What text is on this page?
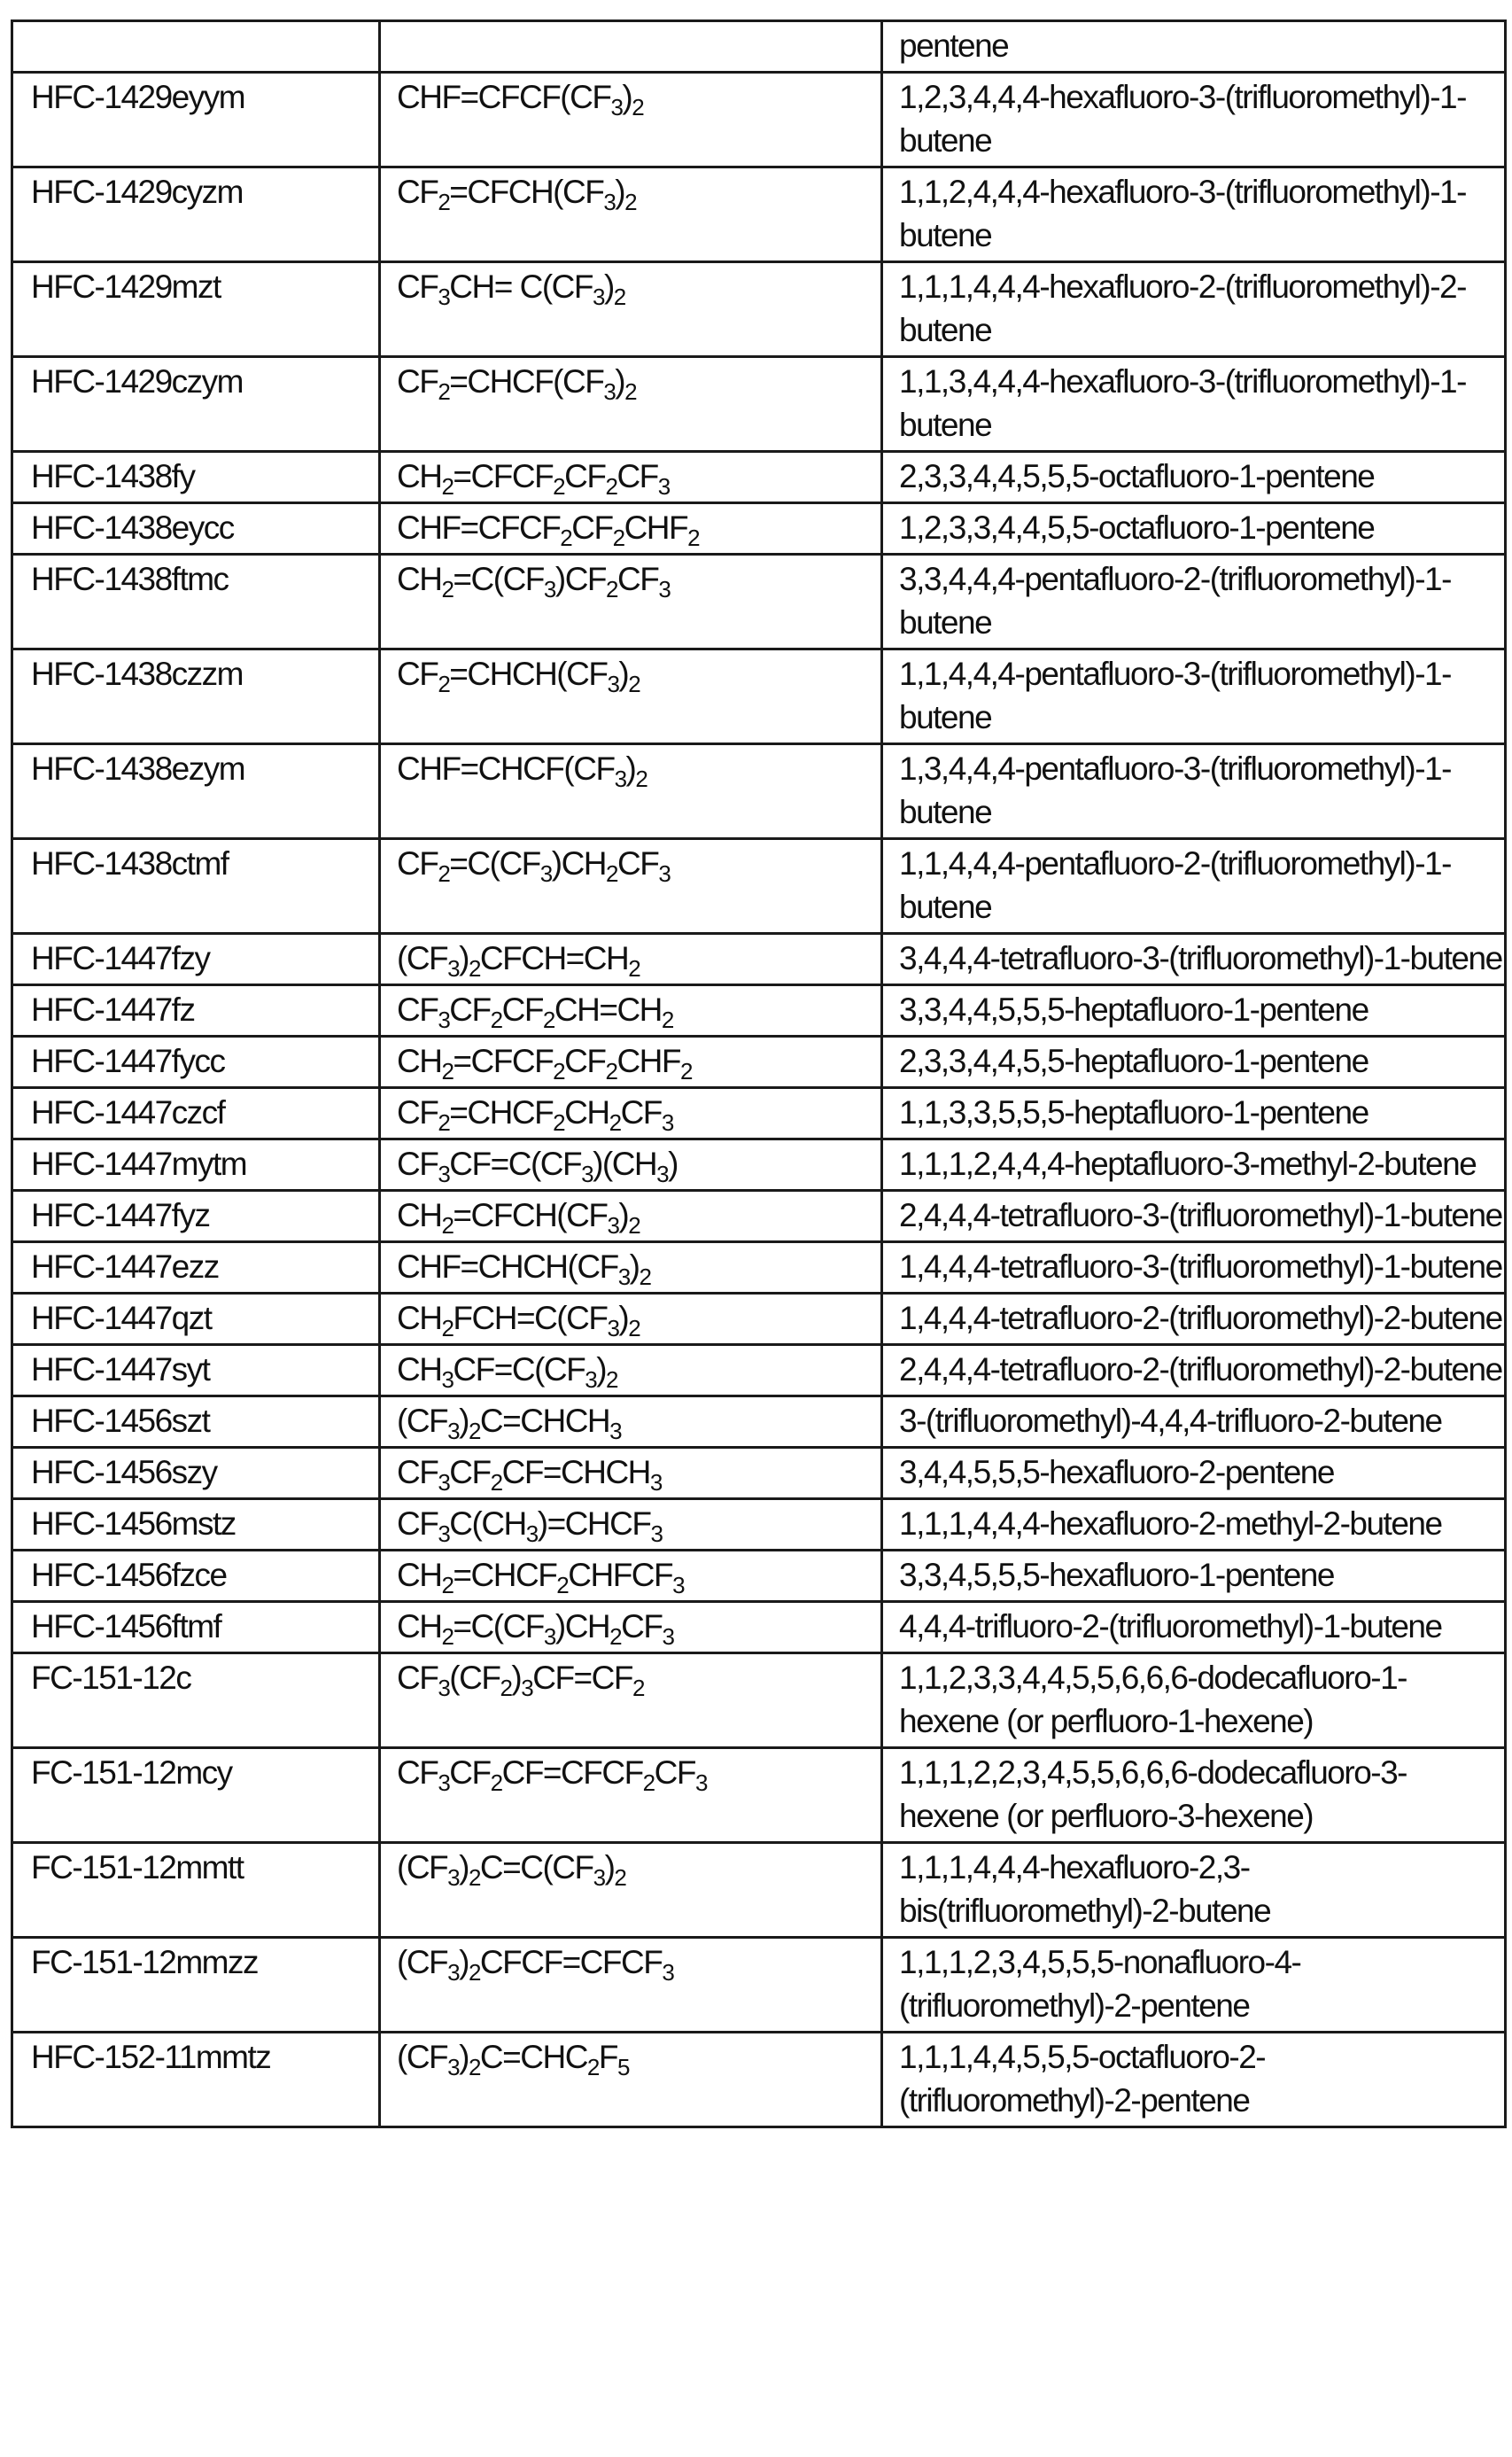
		pentene
HFC-1429eyym	$CHF=CFCF(CF_3)_2$	1,2,3,4,4,4-hexafluoro-3-(trifluoromethyl)-1-butene
HFC-1429cyzm	$CF_2=CFCH(CF_3)_2$	1,1,2,4,4,4-hexafluoro-3-(trifluoromethyl)-1-butene
HFC-1429mzt	$CF_3CH= C(CF_3)_2$	1,1,1,4,4,4-hexafluoro-2-(trifluoromethyl)-2-butene
HFC-1429czym	$CF_2=CHCF(CF_3)_2$	1,1,3,4,4,4-hexafluoro-3-(trifluoromethyl)-1-butene
HFC-1438fy	$CH_2=CFCF_2CF_2CF_3$	2,3,3,4,4,5,5,5-octafluoro-1-pentene
HFC-1438eycc	$CHF=CFCF_2CF_2CHF_2$	1,2,3,3,4,4,5,5-octafluoro-1-pentene
HFC-1438ftmc	$CH_2=C(CF_3)CF_2CF_3$	3,3,4,4,4-pentafluoro-2-(trifluoromethyl)-1-butene
HFC-1438czzm	$CF_2=CHCH(CF_3)_2$	1,1,4,4,4-pentafluoro-3-(trifluoromethyl)-1-butene
HFC-1438ezym	$CHF=CHCF(CF_3)_2$	1,3,4,4,4-pentafluoro-3-(trifluoromethyl)-1-butene
HFC-1438ctmf	$CF_2=C(CF_3)CH_2CF_3$	1,1,4,4,4-pentafluoro-2-(trifluoromethyl)-1-butene
HFC-1447fzy	$(CF_3)_2CFCH=CH_2$	3,4,4,4-tetrafluoro-3-(trifluoromethyl)-1-butene
HFC-1447fz	$CF_3CF_2CF_2CH=CH_2$	3,3,4,4,5,5,5-heptafluoro-1-pentene
HFC-1447fycc	$CH_2=CFCF_2CF_2CHF_2$	2,3,3,4,4,5,5-heptafluoro-1-pentene
HFC-1447czcf	$CF_2=CHCF_2CH_2CF_3$	1,1,3,3,5,5,5-heptafluoro-1-pentene
HFC-1447mytm	$CF_3CF=C(CF_3)(CH_3)$	1,1,1,2,4,4,4-heptafluoro-3-methyl-2-butene
HFC-1447fyz	$CH_2=CFCH(CF_3)_2$	2,4,4,4-tetrafluoro-3-(trifluoromethyl)-1-butene
HFC-1447ezz	$CHF=CHCH(CF_3)_2$	1,4,4,4-tetrafluoro-3-(trifluoromethyl)-1-butene
HFC-1447qzt	$CH_2FCH=C(CF_3)_2$	1,4,4,4-tetrafluoro-2-(trifluoromethyl)-2-butene
HFC-1447syt	$CH_3CF=C(CF_3)_2$	2,4,4,4-tetrafluoro-2-(trifluoromethyl)-2-butene
HFC-1456szt	$(CF_3)_2C=CHCH_3$	3-(trifluoromethyl)-4,4,4-trifluoro-2-butene
HFC-1456szy	$CF_3CF_2CF=CHCH_3$	3,4,4,5,5,5-hexafluoro-2-pentene
HFC-1456mstz	$CF_3C(CH_3)=CHCF_3$	1,1,1,4,4,4-hexafluoro-2-methyl-2-butene
HFC-1456fzce	$CH_2=CHCF_2CHFCF_3$	3,3,4,5,5,5-hexafluoro-1-pentene
HFC-1456ftmf	$CH_2=C(CF_3)CH_2CF_3$	4,4,4-trifluoro-2-(trifluoromethyl)-1-butene
FC-151-12c	$CF_3(CF_2)_3CF=CF_2$	1,1,2,3,3,4,4,5,5,6,6,6-dodecafluoro-1-hexene (or perfluoro-1-hexene)
FC-151-12mcy	$CF_3CF_2CF=CFCF_2CF_3$	1,1,1,2,2,3,4,5,5,6,6,6-dodecafluoro-3-hexene (or perfluoro-3-hexene)
FC-151-12mmtt	$(CF_3)_2C=C(CF_3)_2$	1,1,1,4,4,4-hexafluoro-2,3-bis(trifluoromethyl)-2-butene
FC-151-12mmzz	$(CF_3)_2CFCF=CFCF_3$	1,1,1,2,3,4,5,5,5-nonafluoro-4-(trifluoromethyl)-2-pentene
HFC-152-11mmtz	$(CF_3)_2C=CHC_2F_5$	1,1,1,4,4,5,5,5-octafluoro-2-(trifluoromethyl)-2-pentene
